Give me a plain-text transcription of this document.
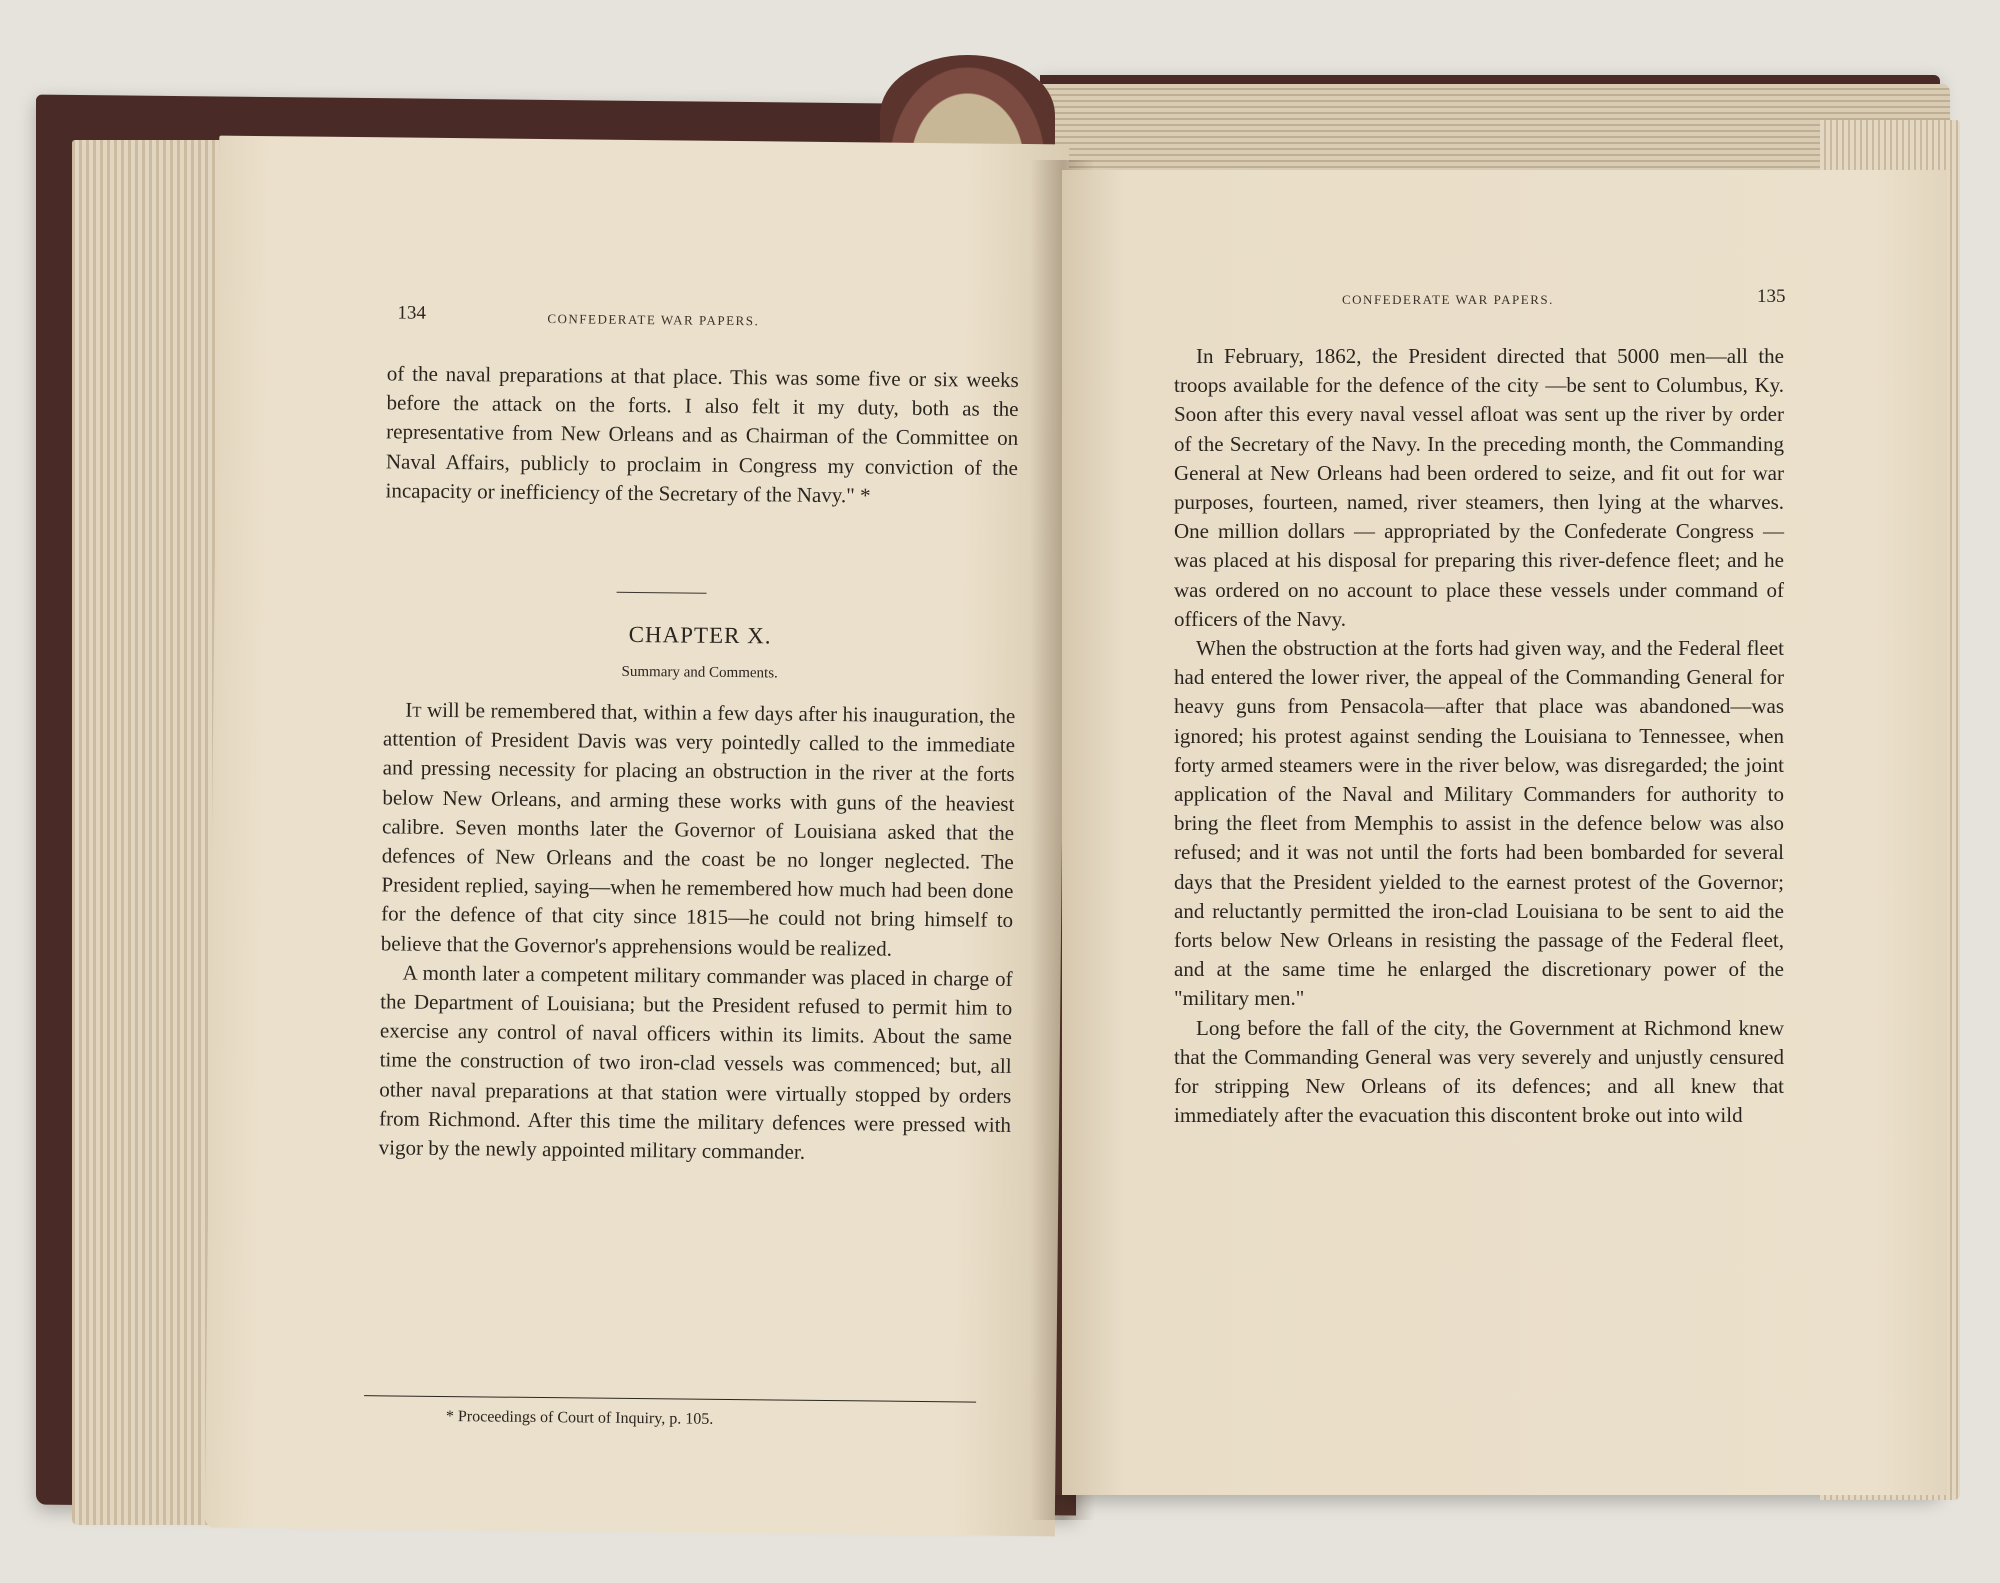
134	CONFEDERATE WAR PAPERS.

of the naval preparations at that place. This was some five or six weeks before the attack on the forts. I also felt it my duty, both as the representative from New Orleans and as Chairman of the Committee on Naval Affairs, publicly to proclaim in Congress my conviction of the incapacity or inefficiency of the Secretary of the Navy." *

CHAPTER X.
Summary and Comments.

It will be remembered that, within a few days after his inauguration, the attention of President Davis was very pointedly called to the immediate and pressing necessity for placing an obstruction in the river at the forts below New Orleans, and arming these works with guns of the heaviest calibre. Seven months later the Governor of Louisiana asked that the defences of New Orleans and the coast be no longer neglected. The President replied, saying—when he remembered how much had been done for the defence of that city since 1815—he could not bring himself to believe that the Governor's apprehensions would be realized.

A month later a competent military commander was placed in charge of the Department of Louisiana; but the President refused to permit him to exercise any control of naval officers within its limits. About the same time the construction of two iron-clad vessels was commenced; but, all other naval preparations at that station were virtually stopped by orders from Richmond. After this time the military defences were pressed with vigor by the newly appointed military commander.

* Proceedings of Court of Inquiry, p. 105.
CONFEDERATE WAR PAPERS.	135

In February, 1862, the President directed that 5000 men—all the troops available for the defence of the city —be sent to Columbus, Ky. Soon after this every naval vessel afloat was sent up the river by order of the Secretary of the Navy. In the preceding month, the Commanding General at New Orleans had been ordered to seize, and fit out for war purposes, fourteen, named, river steamers, then lying at the wharves. One million dollars — appropriated by the Confederate Congress — was placed at his disposal for preparing this river-defence fleet; and he was ordered on no account to place these vessels under command of officers of the Navy.

When the obstruction at the forts had given way, and the Federal fleet had entered the lower river, the appeal of the Commanding General for heavy guns from Pensacola—after that place was abandoned—was ignored; his protest against sending the Louisiana to Tennessee, when forty armed steamers were in the river below, was disregarded; the joint application of the Naval and Military Commanders for authority to bring the fleet from Memphis to assist in the defence below was also refused; and it was not until the forts had been bombarded for several days that the President yielded to the earnest protest of the Governor; and reluctantly permitted the iron-clad Louisiana to be sent to aid the forts below New Orleans in resisting the passage of the Federal fleet, and at the same time he enlarged the discretionary power of the "military men."

Long before the fall of the city, the Government at Richmond knew that the Commanding General was very severely and unjustly censured for stripping New Orleans of its defences; and all knew that immediately after the evacuation this discontent broke out into wild
